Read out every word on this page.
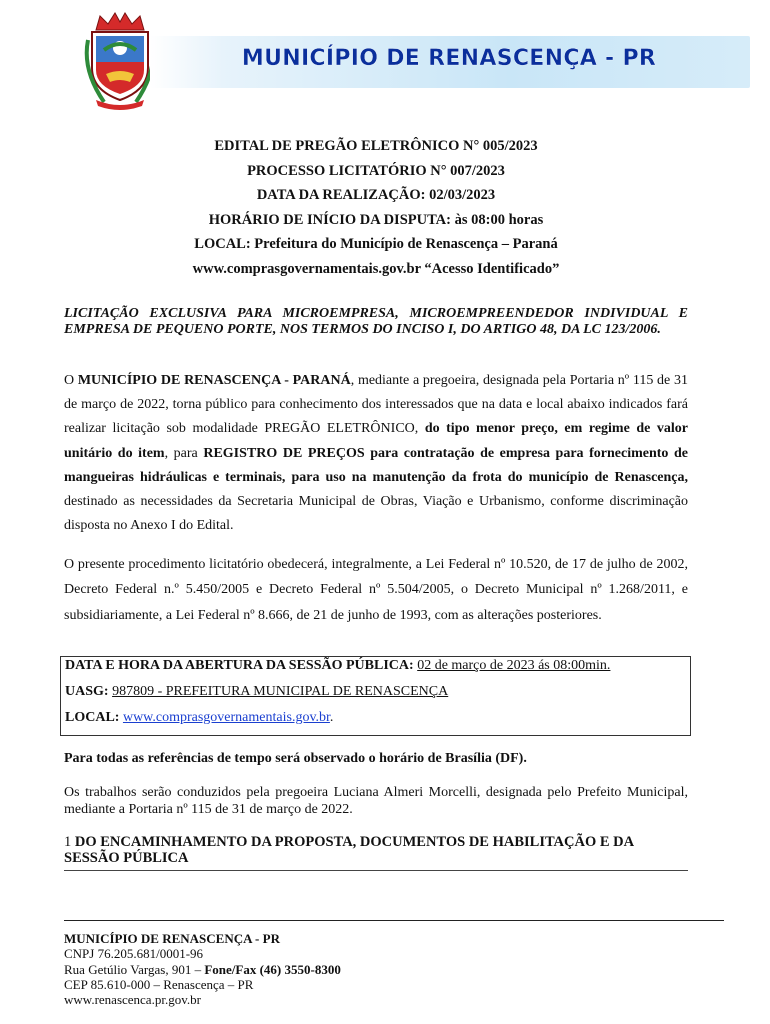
MUNICÍPIO DE RENASCENÇA - PR
EDITAL DE PREGÃO ELETRÔNICO N° 005/2023
PROCESSO LICITATÓRIO N° 007/2023
DATA DA REALIZAÇÃO: 02/03/2023
HORÁRIO DE INÍCIO DA DISPUTA: às 08:00 horas
LOCAL: Prefeitura do Município de Renascença – Paraná
www.comprasgovernamentais.gov.br “Acesso Identificado”
LICITAÇÃO EXCLUSIVA PARA MICROEMPRESA, MICROEMPREENDEDOR INDIVIDUAL E EMPRESA DE PEQUENO PORTE, NOS TERMOS DO INCISO I, DO ARTIGO 48, DA LC 123/2006.
O MUNICÍPIO DE RENASCENÇA - PARANÁ, mediante a pregoeira, designada pela Portaria nº 115 de 31 de março de 2022, torna público para conhecimento dos interessados que na data e local abaixo indicados fará realizar licitação sob modalidade PREGÃO ELETRÔNICO, do tipo menor preço, em regime de valor unitário do item, para REGISTRO DE PREÇOS para contratação de empresa para fornecimento de mangueiras hidráulicas e terminais, para uso na manutenção da frota do município de Renascença, destinado as necessidades da Secretaria Municipal de Obras, Viação e Urbanismo, conforme discriminação disposta no Anexo I do Edital.
O presente procedimento licitatório obedecerá, integralmente, a Lei Federal nº 10.520, de 17 de julho de 2002, Decreto Federal n.º 5.450/2005 e Decreto Federal nº 5.504/2005, o Decreto Municipal nº 1.268/2011, e subsidiariamente, a Lei Federal nº 8.666, de 21 de junho de 1993, com as alterações posteriores.
DATA E HORA DA ABERTURA DA SESSÃO PÚBLICA: 02 de março de 2023 ás 08:00min.
UASG: 987809 - PREFEITURA MUNICIPAL DE RENASCENÇA
LOCAL: www.comprasgovernamentais.gov.br.
Para todas as referências de tempo será observado o horário de Brasília (DF).
Os trabalhos serão conduzidos pela pregoeira Luciana Almeri Morcelli, designada pelo Prefeito Municipal, mediante a Portaria nº 115 de 31 de março de 2022.
1 DO ENCAMINHAMENTO DA PROPOSTA, DOCUMENTOS DE HABILITAÇÃO E DA SESSÃO PÚBLICA
MUNICÍPIO DE RENASCENÇA - PR
CNPJ 76.205.681/0001-96
Rua Getúlio Vargas, 901 – Fone/Fax (46) 3550-8300
CEP 85.610-000 – Renascença – PR
www.renascenca.pr.gov.br
